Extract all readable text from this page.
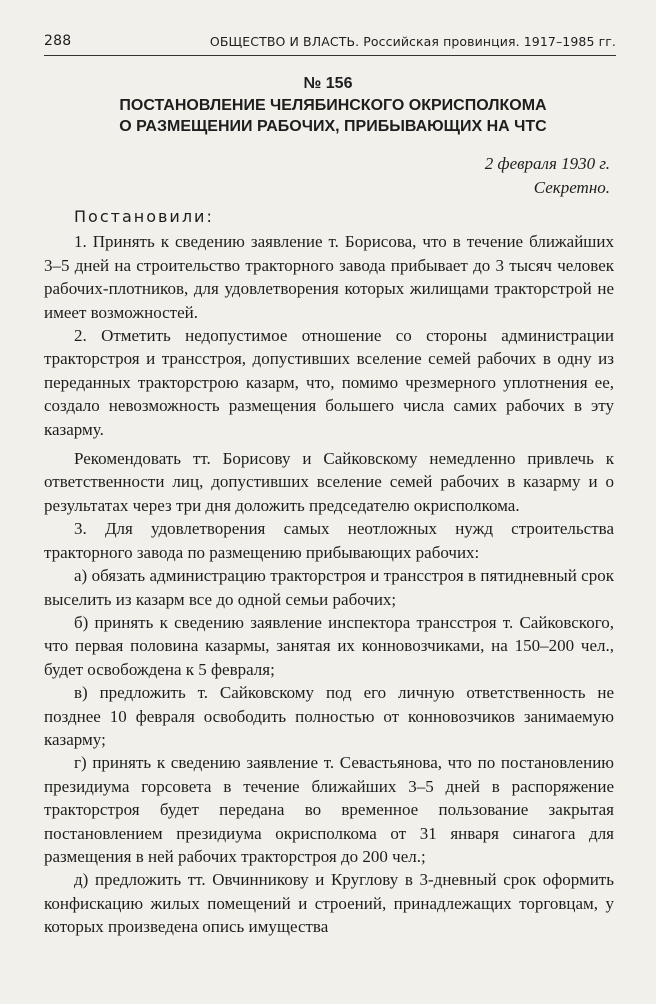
288	ОБЩЕСТВО И ВЛАСТЬ. Российская провинция. 1917–1985 гг.
№ 156
ПОСТАНОВЛЕНИЕ ЧЕЛЯБИНСКОГО ОКРИСПОЛКОМА
О РАЗМЕЩЕНИИ РАБОЧИХ, ПРИБЫВАЮЩИХ НА ЧТС
2 февраля 1930 г.
Секретно.
Постановили:

1. Принять к сведению заявление т. Борисова, что в течение ближайших 3–5 дней на строительство тракторного завода прибывает до 3 тысяч человек рабочих-плотников, для удовлетворения которых жилищами тракторстрой не имеет возможностей.

2. Отметить недопустимое отношение со стороны администрации тракторстроя и трансстроя, допустивших вселение семей рабочих в одну из переданных тракторстрою казарм, что, помимо чрезмерного уплотнения ее, создало невозможность размещения большего числа самих рабочих в эту казарму.

Рекомендовать тт. Борисову и Сайковскому немедленно привлечь к ответственности лиц, допустивших вселение семей рабочих в казарму и о результатах через три дня доложить председателю окрисполкома.

3. Для удовлетворения самых неотложных нужд строительства тракторного завода по размещению прибывающих рабочих:

а) обязать администрацию тракторстроя и трансстроя в пятидневный срок выселить из казарм все до одной семьи рабочих;

б) принять к сведению заявление инспектора трансстроя т. Сайковского, что первая половина казармы, занятая их конновозчиками, на 150–200 чел., будет освобождена к 5 февраля;

в) предложить т. Сайковскому под его личную ответственность не позднее 10 февраля освободить полностью от конновозчиков занимаемую казарму;

г) принять к сведению заявление т. Севастьянова, что по постановлению президиума горсовета в течение ближайших 3–5 дней в распоряжение тракторстроя будет передана во временное пользование закрытая постановлением президиума окрисполкома от 31 января синагога для размещения в ней рабочих тракторстроя до 200 чел.;

д) предложить тт. Овчинникову и Круглову в 3-дневный срок оформить конфискацию жилых помещений и строений, принадлежащих торговцам, у которых произведена опись имущества
